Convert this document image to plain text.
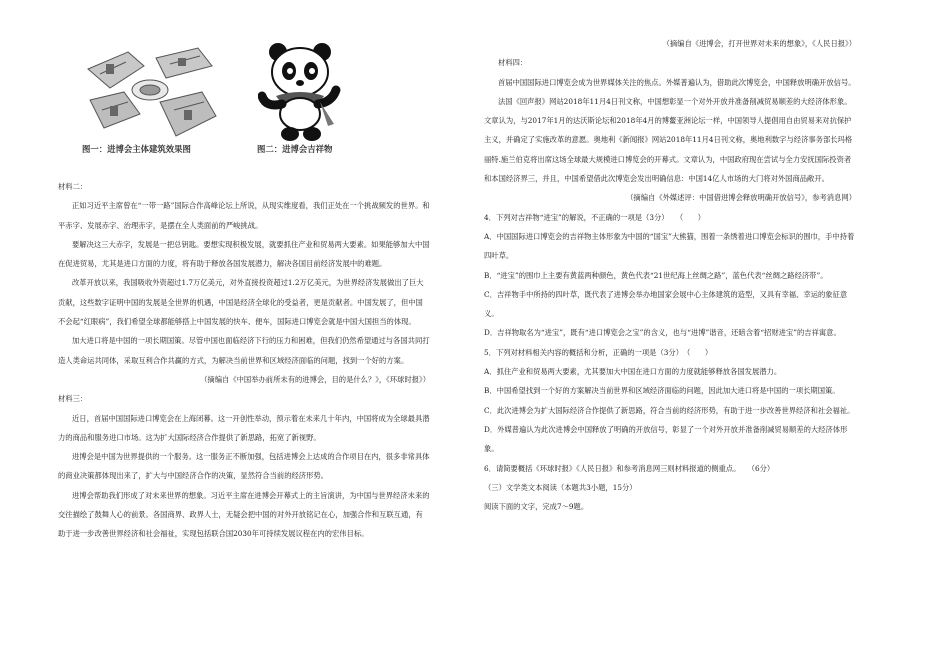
图一：进博会主体建筑效果图	图二：进博会吉祥物

材料二：

正如习近平主席曾在“一带一路”国际合作高峰论坛上所说，从现实维度看，我们正处在一个挑战频发的世界。和平赤字、发展赤字、治理赤字，是摆在全人类面前的严峻挑战。

要解决这三大赤字，发展是一把总钥匙。要想实现积极发展，就要抓住产业和贸易两大要素。如果能够加大中国在促进贸易，尤其是进口方面的力度，将有助于释放各国发展潜力，解决各国目前经济发展中的难题。

改革开放以来，我国吸收外资超过1.7万亿美元，对外直接投资超过1.2万亿美元，为世界经济发展做出了巨大贡献，这些数字证明中国的发展是全世界的机遇，中国是经济全球化的受益者，更是贡献者。中国发展了，但中国不会起“红眼病”，我们希望全球都能够搭上中国发展的快车、便车，国际进口博览会就是中国大国担当的体现。

加大进口将是中国的一项长期国策。尽管中国也面临经济下行的压力和困难，但我们仍然希望通过与各国共同打造人类命运共同体，采取互利合作共赢的方式，为解决当前世界和区域经济面临的问题，找到一个好的方案。

（摘编自《中国举办前所未有的进博会，目的是什么？》，《环球时报》）

材料三：

近日，首届中国国际进口博览会在上海闭幕。这一开创性举动，预示着在未来几十年内，中国将成为全球最具潜力的商品和服务进口市场。这为扩大国际经济合作提供了新思路，拓宽了新视野。

进博会是中国为世界提供的一个服务。这一服务正不断加强，包括进博会上达成的合作项目在内，很多非常具体的商业决策都体现出来了，扩大与中国经济合作的决策，显然符合当前的经济形势。

进博会帮助我们形成了对未来世界的想象。习近平主席在进博会开幕式上的主旨演讲，为中国与世界经济未来的交往描绘了鼓舞人心的前景。各国商界、政界人士，无疑会把中国的对外开放铭记在心，加强合作和互联互通，有助于进一步改善世界经济和社会福祉，实现包括联合国2030年可持续发展议程在内的宏伟目标。

（摘编自《进博会，打开世界对未来的想象》，《人民日报》）

材料四：

首届中国国际进口博览会成为世界媒体关注的焦点。外媒普遍认为，借助此次博览会，中国释放明确开放信号。

法国《回声报》网站2018年11月4日刊文称，中国想彰显一个对外开放并准备削减贸易顺差的大经济体形象。文章认为，与2017年1月的达沃斯论坛和2018年4月的博鳌亚洲论坛一样，中国领导人提倡用自由贸易来对抗保护主义，并确定了实施改革的意愿。奥地利《新闻报》网站2018年11月4日刊文称，奥地利数字与经济事务部长玛格丽特.施兰伯克将出席这场全球最大规模进口博览会的开幕式。文章认为，中国政府现在尝试与全力安抚国际投资者和本国经济界三，并且，中国希望借此次博览会发出明确信息：中国14亿人市场的大门将对外国商品敞开。

（摘编自《外媒述评：中国借进博会释放明确开放信号》，参考消息网）

4．下列对吉祥物“进宝”的解说，不正确的一项是（3分）　　（　　）

A．中国国际进口博览会的吉祥物主体形象为中国的“国宝”大熊猫，围着一条绣着进口博览会标识的围巾，手中持着四叶草。

B．“进宝”的围巾上主要有黄蓝两种颜色，黄色代表“21世纪海上丝绸之路”，蓝色代表“丝绸之路经济带”。

C．吉祥物手中所持的四叶草，既代表了进博会举办地国家会展中心主体建筑的造型，又具有幸福、幸运的象征意义。

D．吉祥物取名为“进宝”，既有“进口博览会之宝”的含义，也与“进博”谐音，还暗含着“招财进宝”的吉祥寓意。

5．下列对材料相关内容的概括和分析，正确的一项是（3分）　（　　）

A．抓住产业和贸易两大要素，尤其要加大中国在进口方面的力度就能够释放各国发展潜力。

B．中国希望找到一个好的方案解决当前世界和区域经济面临的问题，因此加大进口将是中国的一项长期国策。

C．此次进博会为扩大国际经济合作提供了新思路，符合当前的经济形势，有助于进一步改善世界经济和社会福祉。

D．外媒普遍认为此次进博会中国释放了明确的开放信号，彰显了一个对外开放并准备削减贸易顺差的大经济体形象。

6．请简要概括《环球时报》《人民日报》和参考消息网三则材料报道的侧重点。　　（6分）

（三）文学类文本阅读（本题共3小题，15分）

阅读下面的文字，完成7～9题。
